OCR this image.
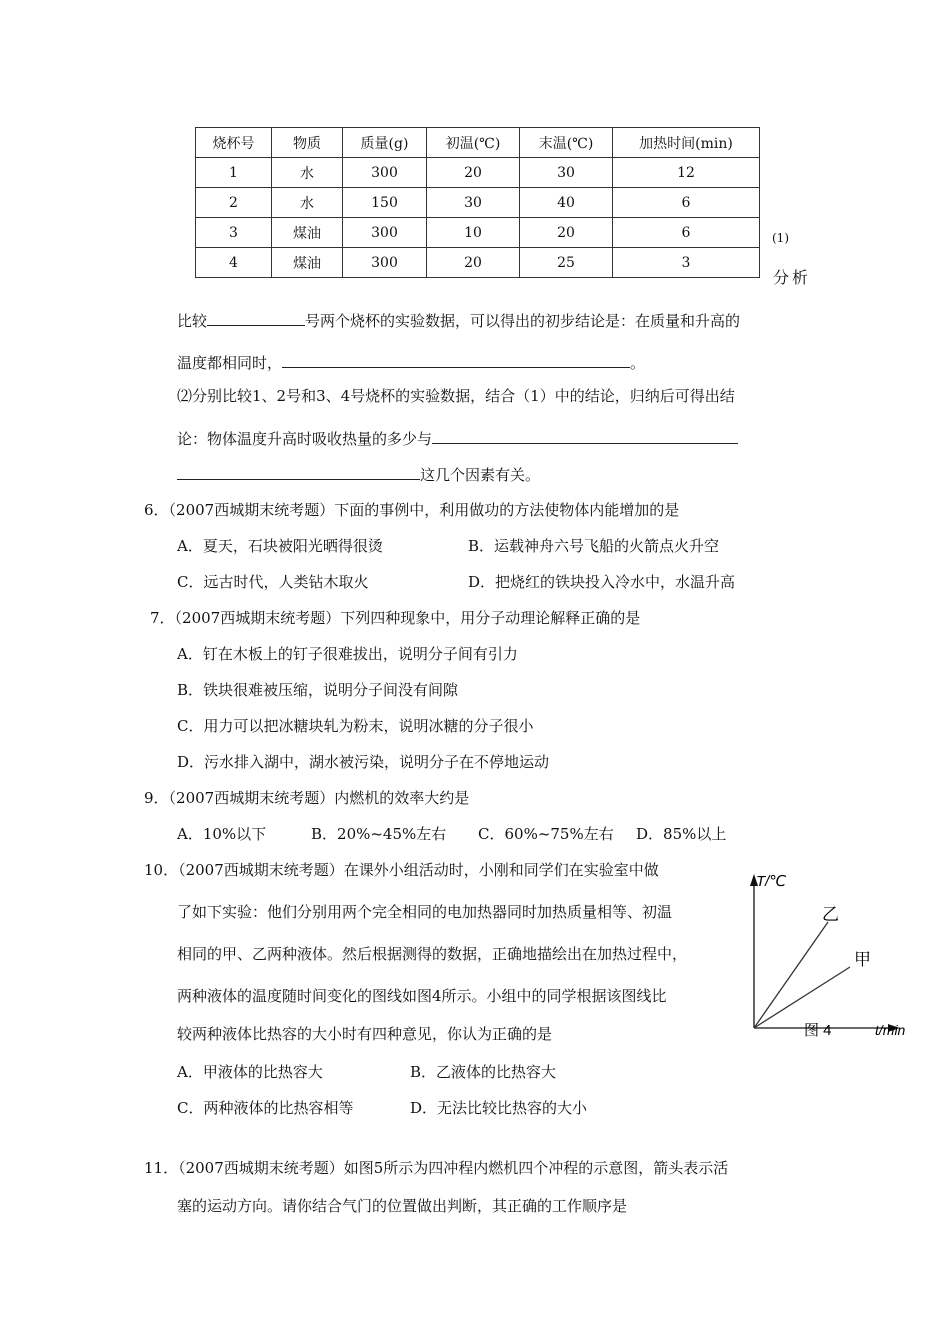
烧杯号	物质	质量(g)	初温(℃)	末温(℃)	加热时间(min)
1	水	300	20	30	12
2	水	150	30	40	6
3	煤油	300	10	20	6
4	煤油	300	20	25	3
(1)
分析
比较	号两个烧杯的实验数据，可以得出的初步结论是：在质量和升高的
温度都相同时，	。
⑵分别比较1、2号和3、4号烧杯的实验数据，结合（1）中的结论，归纳后可得出结
论：物体温度升高时吸收热量的多少与
这几个因素有关。
6．（2007西城期末统考题）下面的事例中，利用做功的方法使物体内能增加的是
A．夏天，石块被阳光晒得很烫	B．运载神舟六号飞船的火箭点火升空
C．远古时代，人类钻木取火	D．把烧红的铁块投入冷水中，水温升高
7．（2007西城期末统考题）下列四种现象中，用分子动理论解释正确的是
A．钉在木板上的钉子很难拔出，说明分子间有引力
B．铁块很难被压缩，说明分子间没有间隙
C．用力可以把冰糖块轧为粉末，说明冰糖的分子很小
D．污水排入湖中，湖水被污染，说明分子在不停地运动
9．（2007西城期末统考题）内燃机的效率大约是
A．10%以下	B．20%~45%左右 C．60%~75%左右 D．85%以上
10．（2007西城期末统考题）在课外小组活动时，小刚和同学们在实验室中做
了如下实验：他们分别用两个完全相同的电加热器同时加热质量相等、初温
相同的甲、乙两种液体。然后根据测得的数据，正确地描绘出在加热过程中，
两种液体的温度随时间变化的图线如图4所示。小组中的同学根据该图线比
较两种液体比热容的大小时有四种意见，你认为正确的是
A．甲液体的比热容大	B．乙液体的比热容大
C．两种液体的比热容相等	D．无法比较比热容的大小
T/℃
乙
甲
图 4	t/min
11．（2007西城期末统考题）如图5所示为四冲程内燃机四个冲程的示意图，箭头表示活
塞的运动方向。请你结合气门的位置做出判断，其正确的工作顺序是
